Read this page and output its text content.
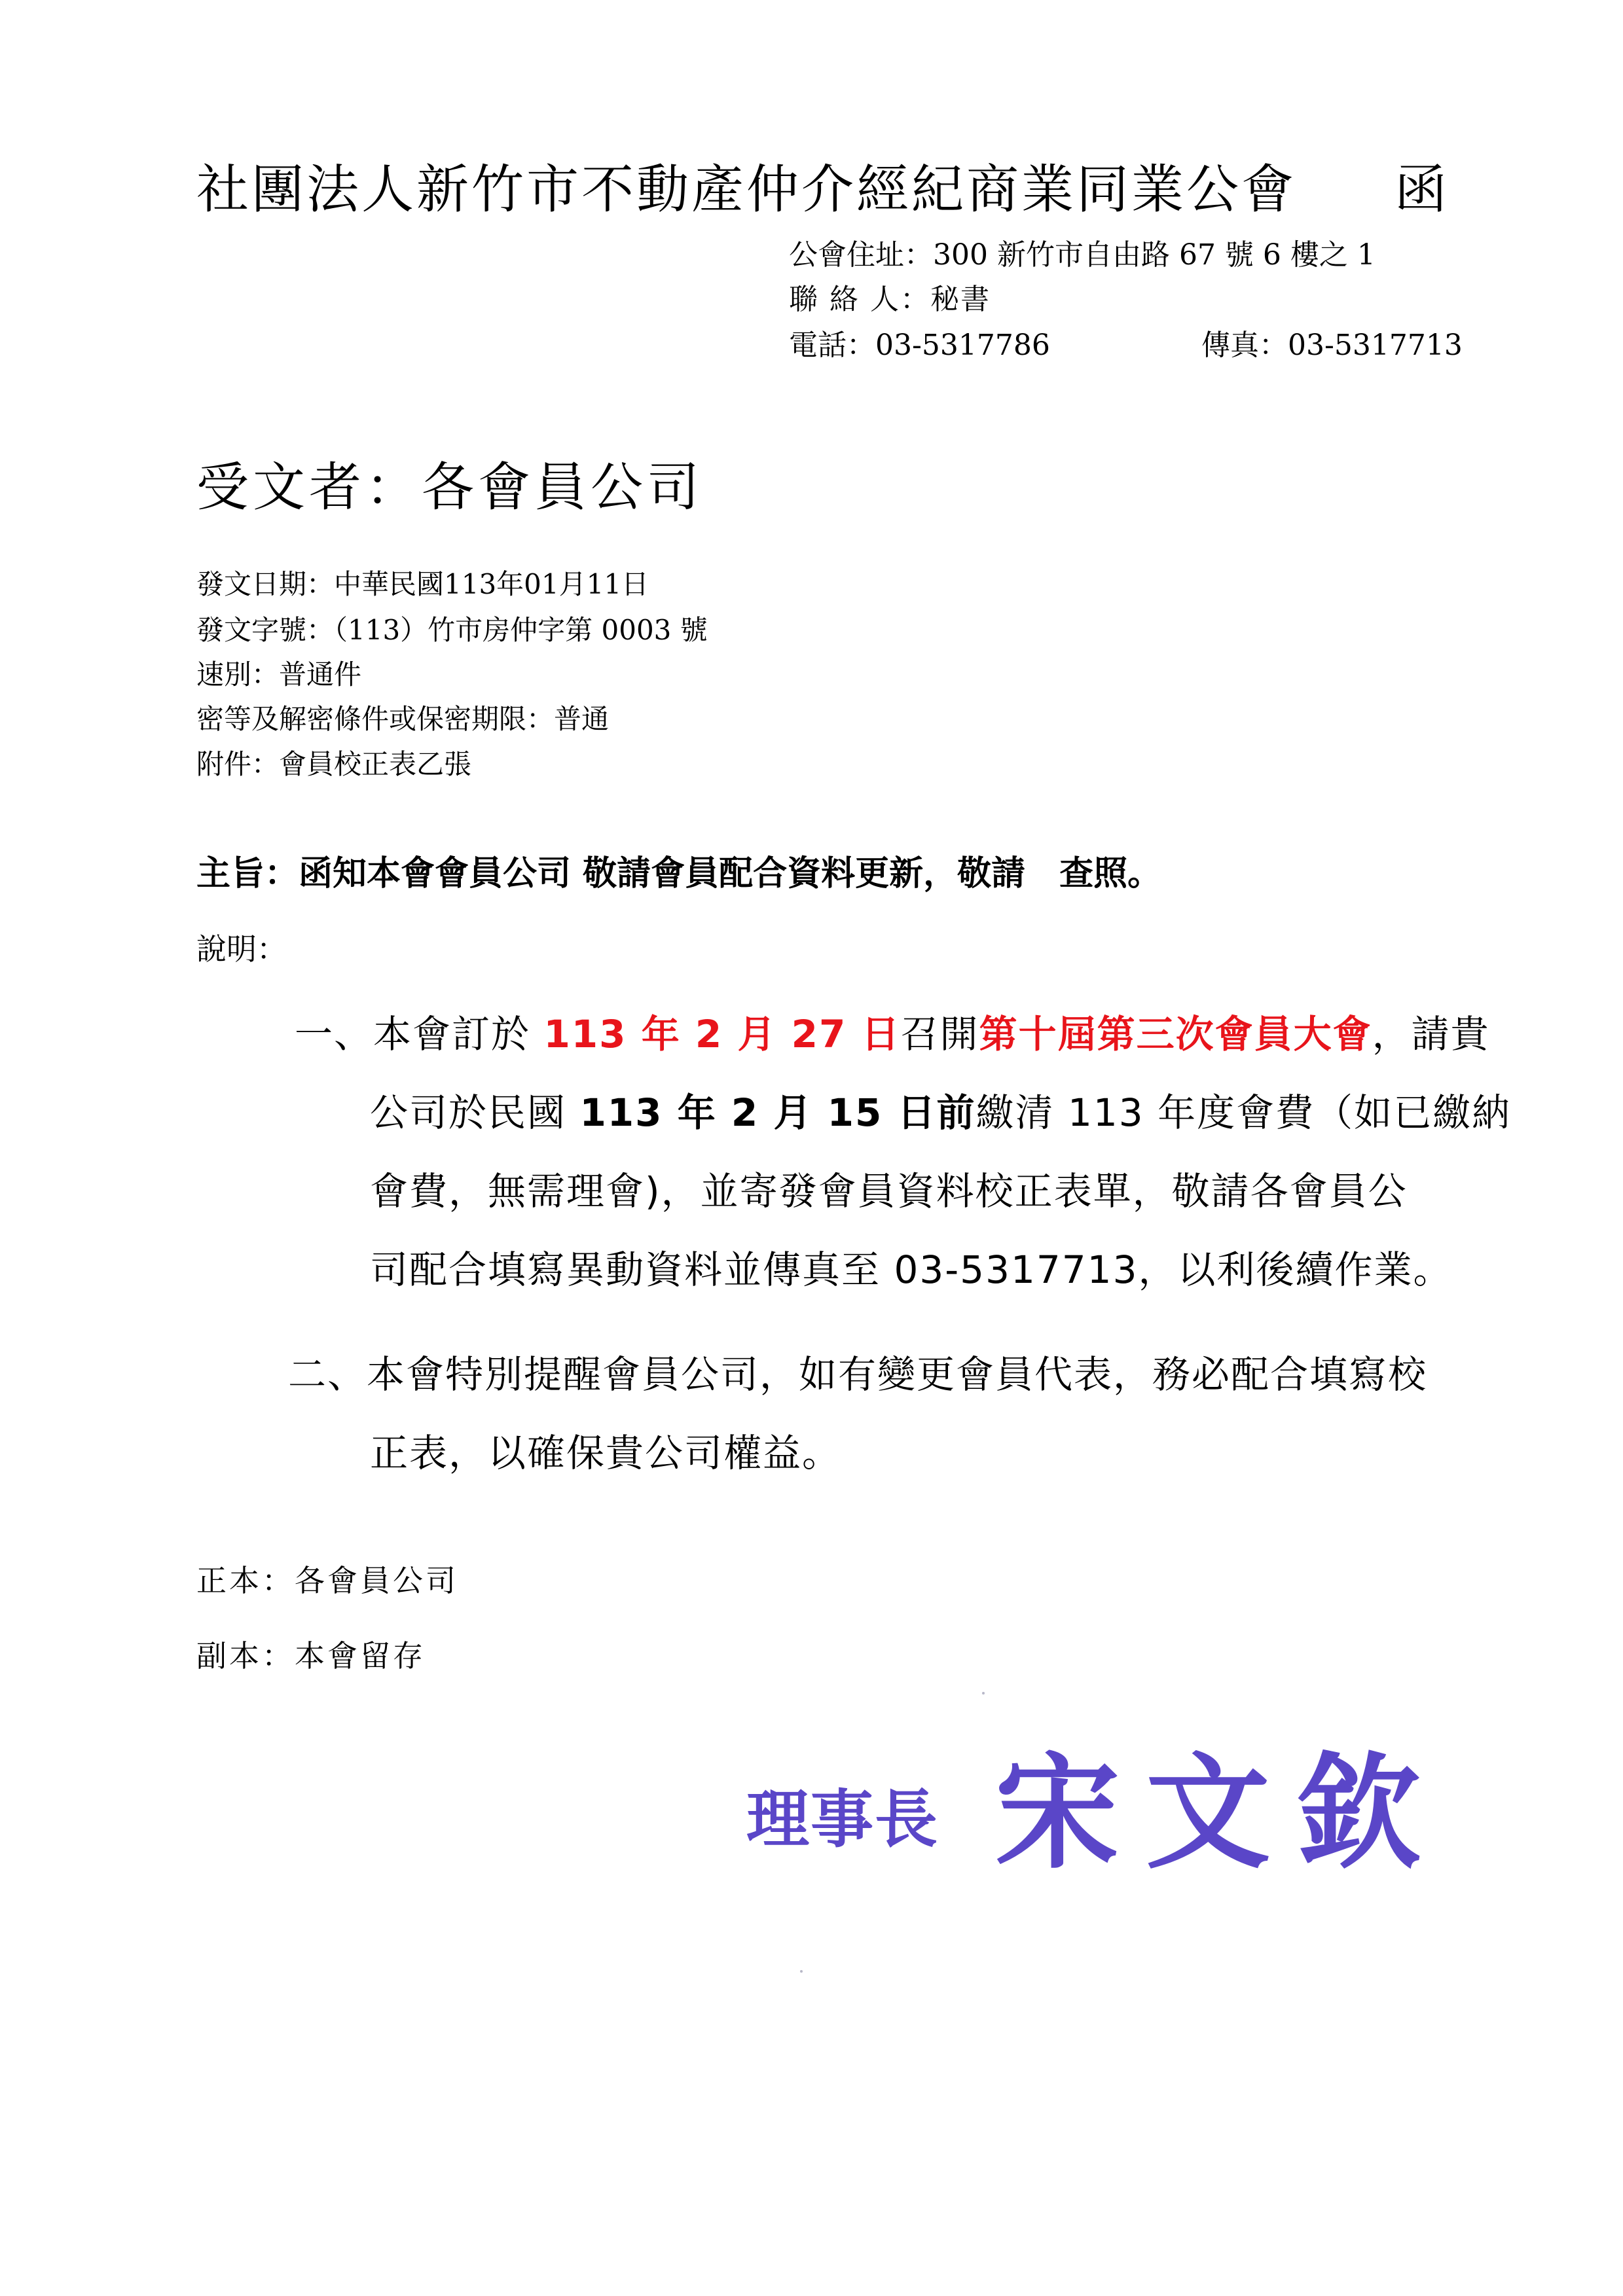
社團法人新竹市不動產仲介經紀商業同業公會 函
公會住址：300 新竹市自由路 67 號 6 樓之 1
聯 絡 人：秘書
電話：03-5317786	傳真：03-5317713
受文者：各會員公司
發文日期：中華民國113年01月11日
發文字號：（113）竹市房仲字第 0003 號
速別：普通件
密等及解密條件或保密期限：普通
附件：會員校正表乙張
主旨：函知本會會員公司 敬請會員配合資料更新，敬請　查照。
說明：
一、本會訂於 113 年 2 月 27 日召開第十屆第三次會員大會，請貴
公司於民國 113 年 2 月 15 日前繳清 113 年度會費（如已繳納
會費，無需理會)，並寄發會員資料校正表單，敬請各會員公
司配合填寫異動資料並傳真至 03-5317713，以利後續作業。
二、本會特別提醒會員公司，如有變更會員代表，務必配合填寫校
正表，以確保貴公司權益。
正本：各會員公司
副本：本會留存
理事長 宋文欽
